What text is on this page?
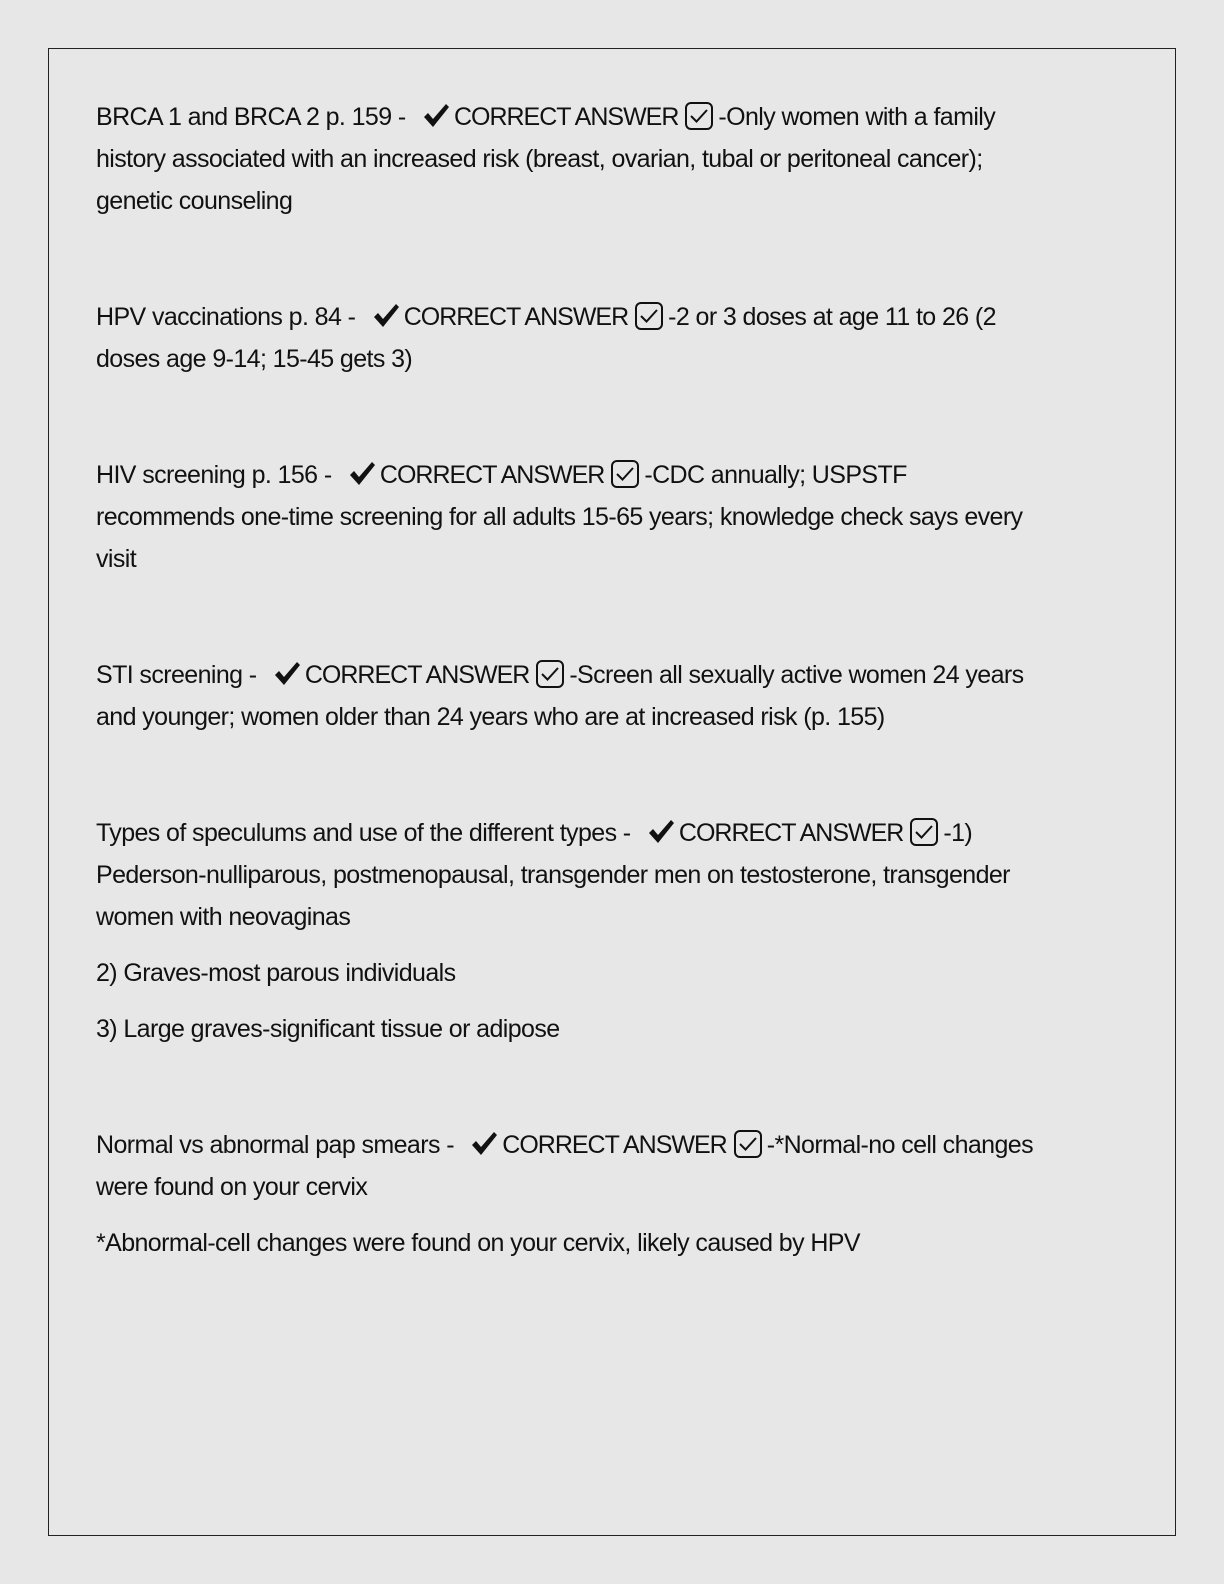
BRCA 1 and BRCA 2 p. 159 - CORRECT ANSWER -Only women with a family history associated with an increased risk (breast, ovarian, tubal or peritoneal cancer); genetic counseling

HPV vaccinations p. 84 - CORRECT ANSWER -2 or 3 doses at age 11 to 26 (2 doses age 9-14; 15-45 gets 3)

HIV screening p. 156 - CORRECT ANSWER -CDC annually; USPSTF recommends one-time screening for all adults 15-65 years; knowledge check says every visit

STI screening - CORRECT ANSWER -Screen all sexually active women 24 years and younger; women older than 24 years who are at increased risk (p. 155)

Types of speculums and use of the different types - CORRECT ANSWER -1) Pederson-nulliparous, postmenopausal, transgender men on testosterone, transgender women with neovaginas

2) Graves-most parous individuals

3) Large graves-significant tissue or adipose

Normal vs abnormal pap smears - CORRECT ANSWER -*Normal-no cell changes were found on your cervix

*Abnormal-cell changes were found on your cervix, likely caused by HPV
